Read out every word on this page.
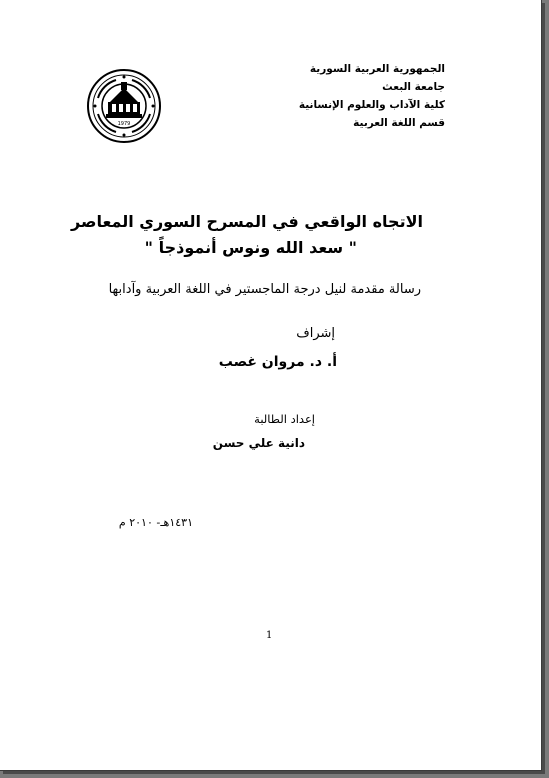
الجمهورية العربية السورية
جامعة البعث
كلية الآداب والعلوم الإنسانية
قسم اللغة العربية
1979
الاتجاه الواقعي في المسرح السوري المعاصر
" سعد الله ونوس أنموذجاً "
رسالة مقدمة لنيل درجة الماجستير في اللغة العربية وآدابها
إشراف
أ. د. مروان غصب
إعداد الطالبة
دانية علي حسن
١٤٣١هـ- ٢٠١٠ م
1
